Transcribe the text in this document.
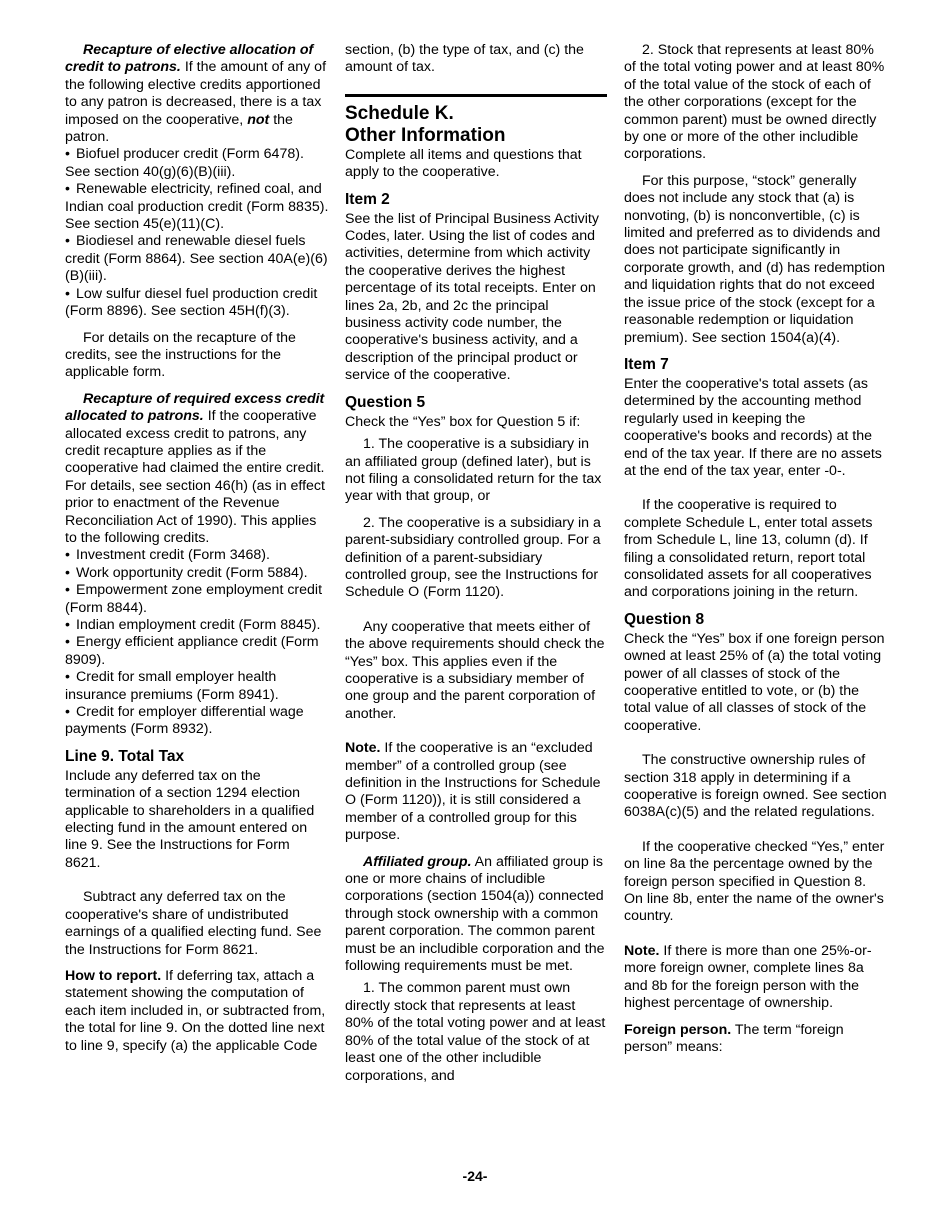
Recapture of elective allocation of credit to patrons. If the amount of any of the following elective credits apportioned to any patron is decreased, there is a tax imposed on the cooperative, not the patron.

• Biofuel producer credit (Form 6478). See section 40(g)(6)(B)(iii).

• Renewable electricity, refined coal, and Indian coal production credit (Form 8835). See section 45(e)(11)(C).

• Biodiesel and renewable diesel fuels credit (Form 8864). See section 40A(e)(6)(B)(iii).

• Low sulfur diesel fuel production credit (Form 8896). See section 45H(f)(3).

For details on the recapture of the credits, see the instructions for the applicable form.

Recapture of required excess credit allocated to patrons. If the cooperative allocated excess credit to patrons, any credit recapture applies as if the cooperative had claimed the entire credit. For details, see section 46(h) (as in effect prior to enactment of the Revenue Reconciliation Act of 1990). This applies to the following credits.

• Investment credit (Form 3468).

• Work opportunity credit (Form 5884).

• Empowerment zone employment credit (Form 8844).

• Indian employment credit (Form 8845).

• Energy efficient appliance credit (Form 8909).

• Credit for small employer health insurance premiums (Form 8941).

• Credit for employer differential wage payments (Form 8932).

Line 9. Total Tax

Include any deferred tax on the termination of a section 1294 election applicable to shareholders in a qualified electing fund in the amount entered on line 9. See the Instructions for Form 8621.

Subtract any deferred tax on the cooperative's share of undistributed earnings of a qualified electing fund. See the Instructions for Form 8621.

How to report. If deferring tax, attach a statement showing the computation of each item included in, or subtracted from, the total for line 9. On the dotted line next to line 9, specify (a) the applicable Code

section, (b) the type of tax, and (c) the amount of tax.

Schedule K.
Other Information

Complete all items and questions that apply to the cooperative.

Item 2

See the list of Principal Business Activity Codes, later. Using the list of codes and activities, determine from which activity the cooperative derives the highest percentage of its total receipts. Enter on lines 2a, 2b, and 2c the principal business activity code number, the cooperative's business activity, and a description of the principal product or service of the cooperative.

Question 5

Check the “Yes” box for Question 5 if:

1. The cooperative is a subsidiary in an affiliated group (defined later), but is not filing a consolidated return for the tax year with that group, or

2. The cooperative is a subsidiary in a parent-subsidiary controlled group. For a definition of a parent-subsidiary controlled group, see the Instructions for Schedule O (Form 1120).

Any cooperative that meets either of the above requirements should check the “Yes” box. This applies even if the cooperative is a subsidiary member of one group and the parent corporation of another.

Note. If the cooperative is an “excluded member” of a controlled group (see definition in the Instructions for Schedule O (Form 1120)), it is still considered a member of a controlled group for this purpose.

Affiliated group. An affiliated group is one or more chains of includible corporations (section 1504(a)) connected through stock ownership with a common parent corporation. The common parent must be an includible corporation and the following requirements must be met.

1. The common parent must own directly stock that represents at least 80% of the total voting power and at least 80% of the total value of the stock of at least one of the other includible corporations, and

2. Stock that represents at least 80% of the total voting power and at least 80% of the total value of the stock of each of the other corporations (except for the common parent) must be owned directly by one or more of the other includible corporations.

For this purpose, “stock” generally does not include any stock that (a) is nonvoting, (b) is nonconvertible, (c) is limited and preferred as to dividends and does not participate significantly in corporate growth, and (d) has redemption and liquidation rights that do not exceed the issue price of the stock (except for a reasonable redemption or liquidation premium). See section 1504(a)(4).

Item 7

Enter the cooperative's total assets (as determined by the accounting method regularly used in keeping the cooperative's books and records) at the end of the tax year. If there are no assets at the end of the tax year, enter -0-.

If the cooperative is required to complete Schedule L, enter total assets from Schedule L, line 13, column (d). If filing a consolidated return, report total consolidated assets for all cooperatives and corporations joining in the return.

Question 8

Check the “Yes” box if one foreign person owned at least 25% of (a) the total voting power of all classes of stock of the cooperative entitled to vote, or (b) the total value of all classes of stock of the cooperative.

The constructive ownership rules of section 318 apply in determining if a cooperative is foreign owned. See section 6038A(c)(5) and the related regulations.

If the cooperative checked “Yes,” enter on line 8a the percentage owned by the foreign person specified in Question 8. On line 8b, enter the name of the owner's country.

Note. If there is more than one 25%-or-more foreign owner, complete lines 8a and 8b for the foreign person with the highest percentage of ownership.

Foreign person. The term “foreign person” means:

-24-
